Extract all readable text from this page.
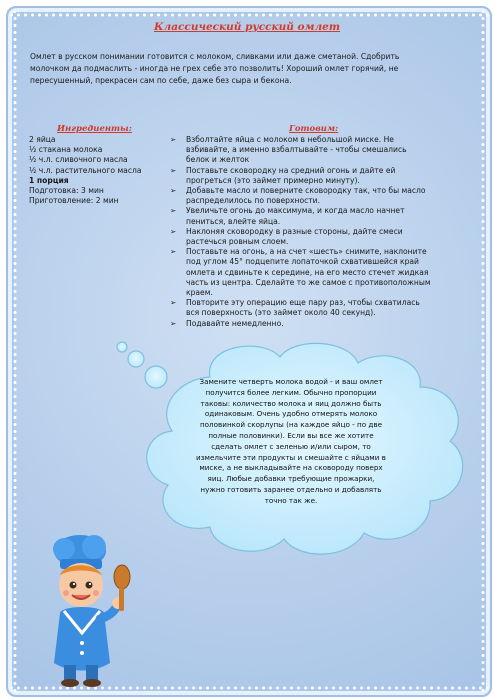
Классический русский омлет
Омлет в русском понимании готовится с молоком, сливками или даже сметаной. Сдобрить молочком да подмаслить - иногда не грех себе это позволить! Хороший омлет горячий, не пересушенный, прекрасен сам по себе, даже без сыра и бекона.
Ингредиенты:
2 яйца
½ стакана молока
½ ч.л. сливочного масла
½ ч.л. растительного масла
1 порция
Подготовка: 3 мин
Приготовление: 2 мин
Готовим:
➢ Взболтайте яйца с молоком в небольшой миске. Не взбивайте, а именно взбалтывайте - чтобы смешались белок и желток
➢ Поставьте сковородку на средний огонь и дайте ей прогреться (это займет примерно минуту).
➢ Добавьте масло и поверните сковородку так, что бы масло распределилось по поверхности.
➢ Увеличьте огонь до максимума, и когда масло начнет пениться, влейте яйца.
➢ Наклоняя сковородку в разные стороны, дайте смеси растечься ровным слоем.
➢ Поставьте на огонь, а на счет «шесть» снимите, наклоните под углом 45° подцепите лопаточкой схватившейся край омлета и сдвиньте к середине, на его место стечет жидкая часть из центра. Сделайте то же самое с противоположным краем.
➢ Повторите эту операцию еще пару раз, чтобы схватилась вся поверхность (это займет около 40 секунд).
➢ Подавайте немедленно.
Замените четверть молока водой - и ваш омлет получится более легким. Обычно пропорции таковы: количество молока и яиц должно быть одинаковым. Очень удобно отмерять молоко половинкой скорлупы (на каждое яйцо - по две полные половинки). Если вы все же хотите сделать омлет с зеленью и/или сыром, то измельчите эти продукты и смешайте с яйцами в миске, а не выкладывайте на сковороду поверх яиц. Любые добавки требующие прожарки, нужно готовить заранее отдельно и добавлять точно так же.
